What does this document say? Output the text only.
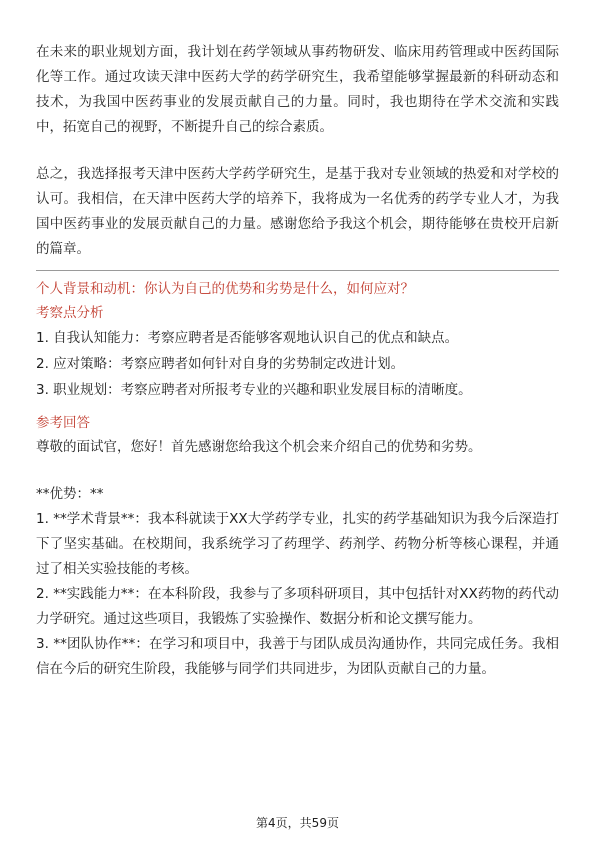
在未来的职业规划方面，我计划在药学领域从事药物研发、临床用药管理或中医药国际化等工作。通过攻读天津中医药大学的药学研究生，我希望能够掌握最新的科研动态和技术，为我国中医药事业的发展贡献自己的力量。同时，我也期待在学术交流和实践中，拓宽自己的视野，不断提升自己的综合素质。

总之，我选择报考天津中医药大学药学研究生，是基于我对专业领域的热爱和对学校的认可。我相信，在天津中医药大学的培养下，我将成为一名优秀的药学专业人才，为我国中医药事业的发展贡献自己的力量。感谢您给予我这个机会，期待能够在贵校开启新的篇章。

个人背景和动机：你认为自己的优势和劣势是什么，如何应对？

考察点分析

1. 自我认知能力：考察应聘者是否能够客观地认识自己的优点和缺点。

2. 应对策略：考察应聘者如何针对自身的劣势制定改进计划。

3. 职业规划：考察应聘者对所报考专业的兴趣和职业发展目标的清晰度。

参考回答

尊敬的面试官，您好！首先感谢您给我这个机会来介绍自己的优势和劣势。

**优势：**

1. **学术背景**：我本科就读于XX大学药学专业，扎实的药学基础知识为我今后深造打下了坚实基础。在校期间，我系统学习了药理学、药剂学、药物分析等核心课程，并通过了相关实验技能的考核。

2. **实践能力**：在本科阶段，我参与了多项科研项目，其中包括针对XX药物的药代动力学研究。通过这些项目，我锻炼了实验操作、数据分析和论文撰写能力。

3. **团队协作**：在学习和项目中，我善于与团队成员沟通协作，共同完成任务。我相信在今后的研究生阶段，我能够与同学们共同进步，为团队贡献自己的力量。

第4页，共59页
